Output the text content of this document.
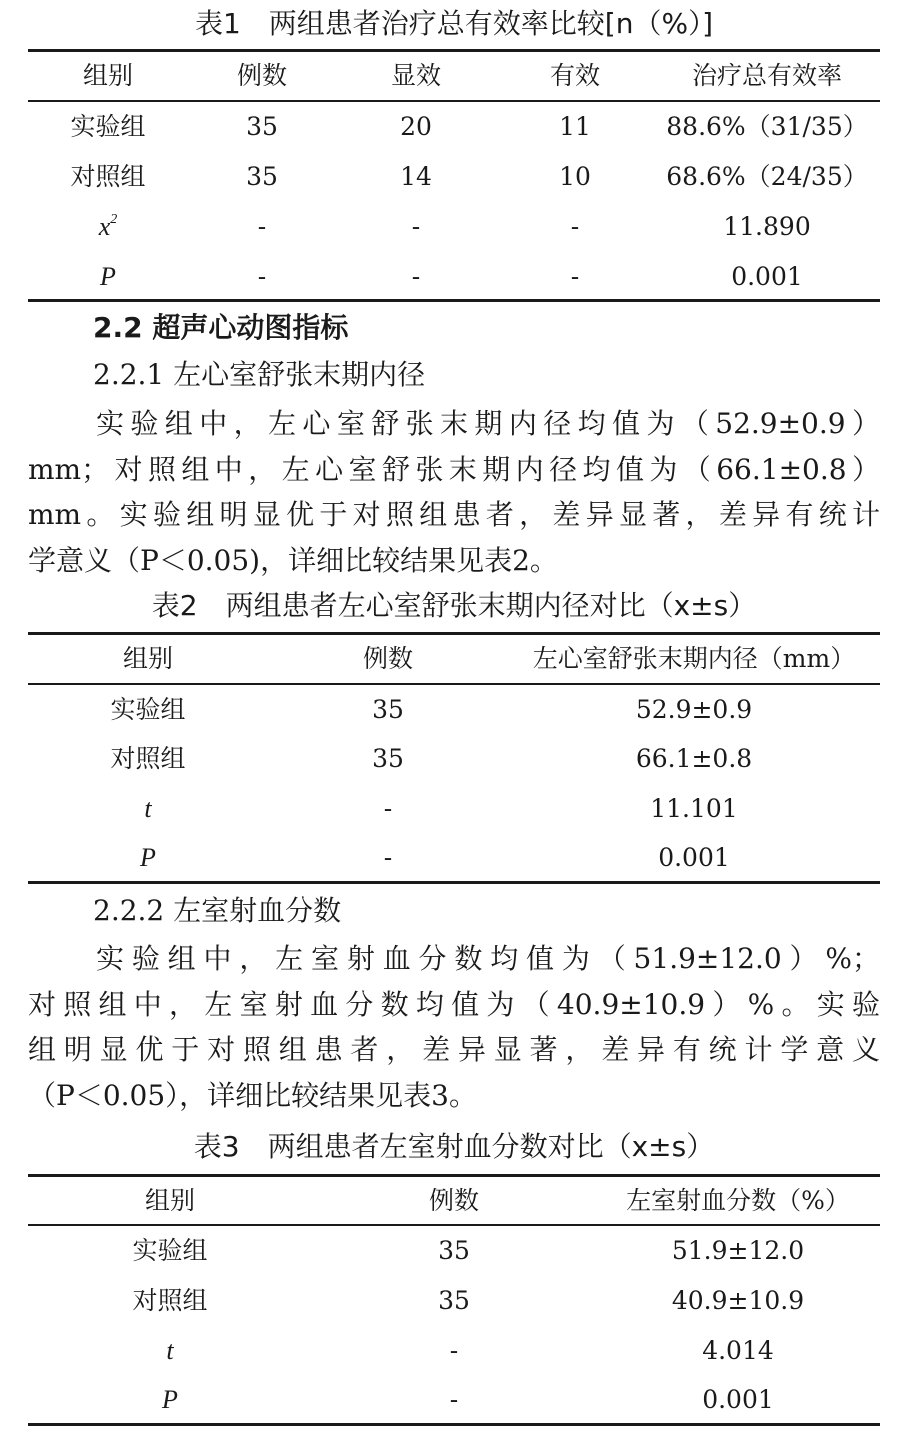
表1　两组患者治疗总有效率比较[n（%）]
组别	例数	显效	有效	治疗总有效率
实验组	35	20	11	88.6%（31/35）
对照组	35	14	10	68.6%（24/35）
$x^2$	-	-	-	11.890
P	-	-	-	0.001
2.2 超声心动图指标
2.2.1 左心室舒张末期内径
实验组中，左心室舒张末期内径均值为（52.9±0.9）
mm；对照组中，左心室舒张末期内径均值为（66.1±0.8）
mm。实验组明显优于对照组患者，差异显著，差异有统计
学意义（P＜0.05)，详细比较结果见表2。
表2　两组患者左心室舒张末期内径对比（x±s）
组别	例数	左心室舒张末期内径（mm）
实验组	35	52.9±0.9
对照组	35	66.1±0.8
t	-	11.101
P	-	0.001
2.2.2 左室射血分数
实验组中，左室射血分数均值为（51.9±12.0）%；
对照组中，左室射血分数均值为（40.9±10.9）%。实验
组明显优于对照组患者，差异显著，差异有统计学意义
（P＜0.05），详细比较结果见表3。
表3　两组患者左室射血分数对比（x±s）
组别	例数	左室射血分数（%）
实验组	35	51.9±12.0
对照组	35	40.9±10.9
t	-	4.014
P	-	0.001
